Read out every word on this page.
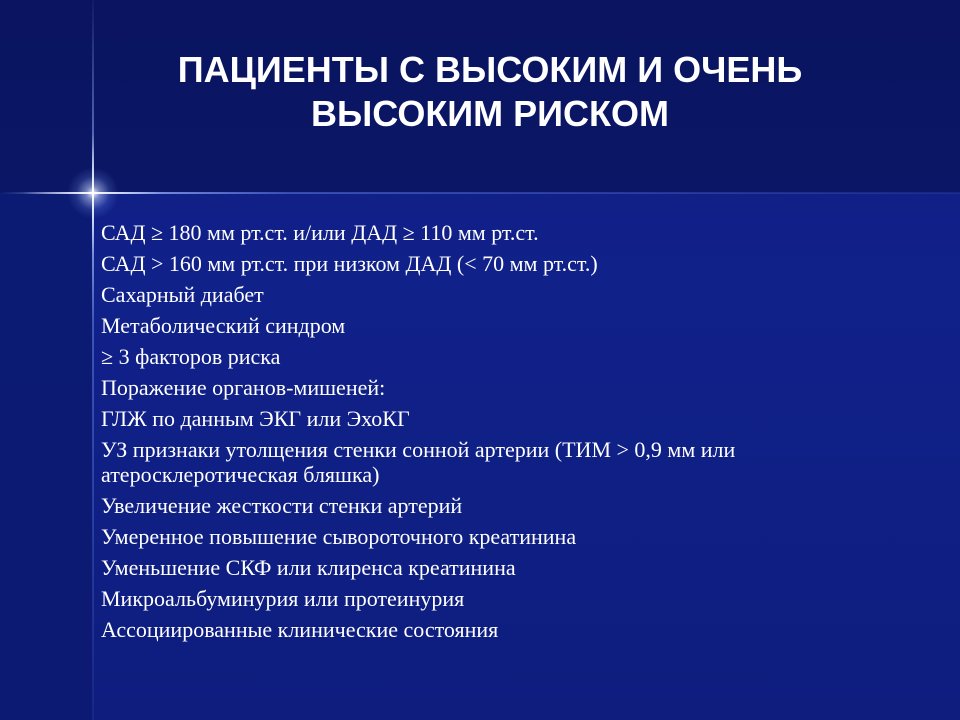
ПАЦИЕНТЫ С ВЫСОКИМ И ОЧЕНЬ
ВЫСОКИМ РИСКОМ
САД ≥ 180 мм рт.ст. и/или ДАД ≥ 110 мм рт.ст.
САД > 160 мм рт.ст. при низком ДАД (< 70 мм рт.ст.)
Сахарный диабет
Метаболический синдром
≥ 3 факторов риска
Поражение органов-мишеней:
ГЛЖ по данным ЭКГ или ЭхоКГ
УЗ признаки утолщения стенки сонной артерии (ТИМ > 0,9 мм или атеросклеротическая бляшка)
Увеличение жесткости стенки артерий
Умеренное повышение сывороточного креатинина
Уменьшение СКФ или клиренса креатинина
Микроальбуминурия или протеинурия
Ассоциированные клинические состояния
